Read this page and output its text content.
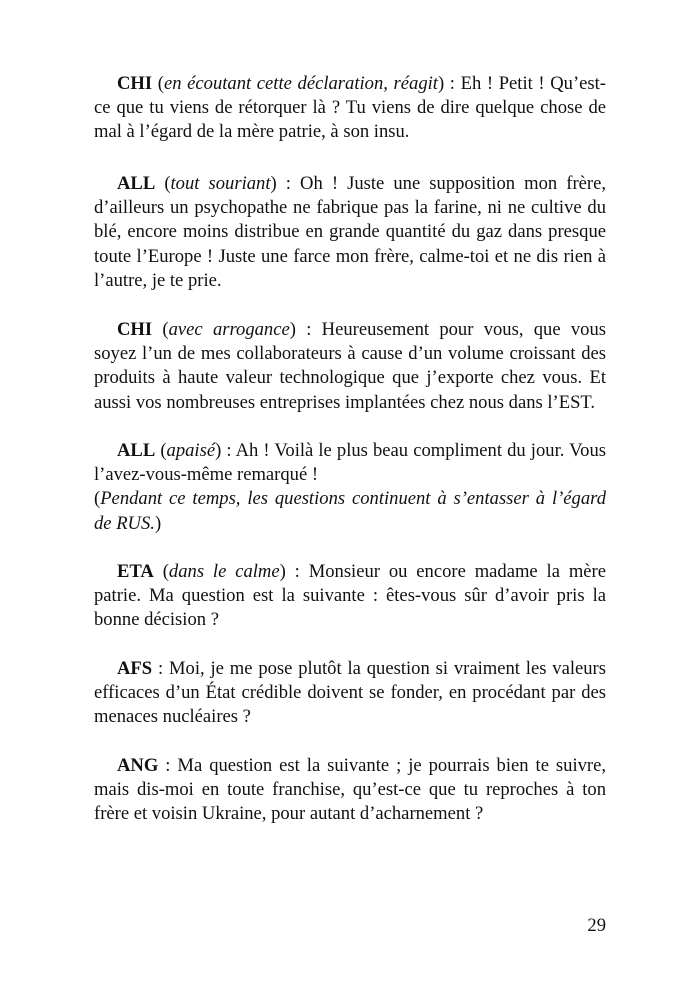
CHI (en écoutant cette déclaration, réagit) : Eh ! Petit ! Qu’est-ce que tu viens de rétorquer là ? Tu viens de dire quelque chose de mal à l’égard de la mère patrie, à son insu.

ALL (tout souriant) : Oh ! Juste une supposition mon frère, d’ailleurs un psychopathe ne fabrique pas la farine, ni ne cultive du blé, encore moins distribue en grande quantité du gaz dans presque toute l’Europe ! Juste une farce mon frère, calme-toi et ne dis rien à l’autre, je te prie.

CHI (avec arrogance) : Heureusement pour vous, que vous soyez l’un de mes collaborateurs à cause d’un volume croissant des produits à haute valeur technologique que j’exporte chez vous. Et aussi vos nombreuses entreprises implantées chez nous dans l’EST.

ALL (apaisé) : Ah ! Voilà le plus beau compliment du jour. Vous l’avez-vous-même remarqué !
(Pendant ce temps, les questions continuent à s’entasser à l’égard de RUS.)

ETA (dans le calme) : Monsieur ou encore madame la mère patrie. Ma question est la suivante : êtes-vous sûr d’avoir pris la bonne décision ?

AFS : Moi, je me pose plutôt la question si vraiment les valeurs efficaces d’un État crédible doivent se fonder, en procédant par des menaces nucléaires ?

ANG : Ma question est la suivante ; je pourrais bien te suivre, mais dis-moi en toute franchise, qu’est-ce que tu reproches à ton frère et voisin Ukraine, pour autant d’acharnement ?

29
